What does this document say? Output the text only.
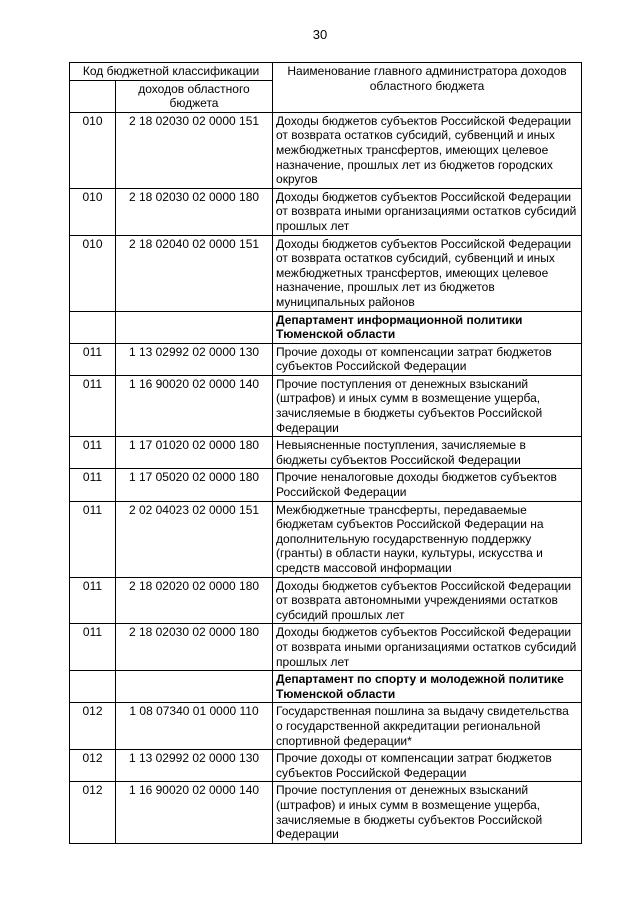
30
Код бюджетной классификации		Наименование главного администратора доходов областного бюджета
	доходов областного бюджета	
010	2 18 02030 02 0000 151	Доходы бюджетов субъектов Российской Федерации от возврата остатков субсидий, субвенций и иных межбюджетных трансфертов, имеющих целевое назначение, прошлых лет из бюджетов городских округов
010	2 18 02030 02 0000 180	Доходы бюджетов субъектов Российской Федерации от возврата иными организациями остатков субсидий прошлых лет
010	2 18 02040 02 0000 151	Доходы бюджетов субъектов Российской Федерации от возврата остатков субсидий, субвенций и иных межбюджетных трансфертов, имеющих целевое назначение, прошлых лет из бюджетов муниципальных районов
		Департамент информационной политики Тюменской области
011	1 13 02992 02 0000 130	Прочие доходы от компенсации затрат бюджетов субъектов Российской Федерации
011	1 16 90020 02 0000 140	Прочие поступления от денежных взысканий (штрафов) и иных сумм в возмещение ущерба, зачисляемые в бюджеты субъектов Российской Федерации
011	1 17 01020 02 0000 180	Невыясненные поступления, зачисляемые в бюджеты субъектов Российской Федерации
011	1 17 05020 02 0000 180	Прочие неналоговые доходы бюджетов субъектов Российской Федерации
011	2 02 04023 02 0000 151	Межбюджетные трансферты, передаваемые бюджетам субъектов Российской Федерации на дополнительную государственную поддержку (гранты) в области науки, культуры, искусства и средств массовой информации
011	2 18 02020 02 0000 180	Доходы бюджетов субъектов Российской Федерации от возврата автономными учреждениями остатков субсидий прошлых лет
011	2 18 02030 02 0000 180	Доходы бюджетов субъектов Российской Федерации от возврата иными организациями остатков субсидий прошлых лет
		Департамент по спорту и молодежной политике Тюменской области
012	1 08 07340 01 0000 110	Государственная пошлина за выдачу свидетельства о государственной аккредитации региональной спортивной федерации*
012	1 13 02992 02 0000 130	Прочие доходы от компенсации затрат бюджетов субъектов Российской Федерации
012	1 16 90020 02 0000 140	Прочие поступления от денежных взысканий (штрафов) и иных сумм в возмещение ущерба, зачисляемые в бюджеты субъектов Российской Федерации
